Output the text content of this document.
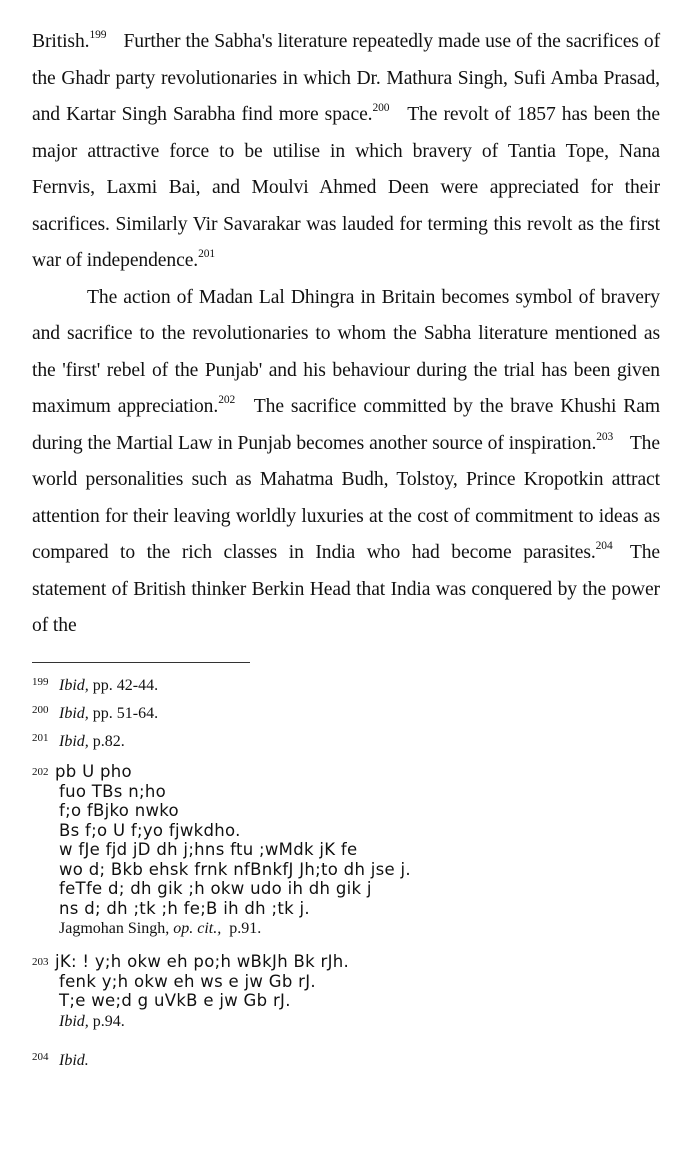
British.$^{199}$ Further the Sabha's literature repeatedly made use of the sacrifices of the Ghadr party revolutionaries in which Dr. Mathura Singh, Sufi Amba Prasad, and Kartar Singh Sarabha find more space.$^{200}$ The revolt of 1857 has been the major attractive force to be utilise in which bravery of Tantia Tope, Nana Fernvis, Laxmi Bai, and Moulvi Ahmed Deen were appreciated for their sacrifices. Similarly Vir Savarakar was lauded for terming this revolt as the first war of independence.$^{201}$

The action of Madan Lal Dhingra in Britain becomes symbol of bravery and sacrifice to the revolutionaries to whom the Sabha literature mentioned as the 'first' rebel of the Punjab' and his behaviour during the trial has been given maximum appreciation.$^{202}$ The sacrifice committed by the brave Khushi Ram during the Martial Law in Punjab becomes another source of inspiration.$^{203}$ The world personalities such as Mahatma Budh, Tolstoy, Prince Kropotkin attract attention for their leaving worldly luxuries at the cost of commitment to ideas as compared to the rich classes in India who had become parasites.$^{204}$ The statement of British thinker Berkin Head that India was conquered by the power of the

199 Ibid, pp. 42-44.
200 Ibid, pp. 51-64.
201 Ibid, p.82.
202 pb U pho
fuo TBs n;ho
f;o fBjko nwko
Bs f;o U f;yo fjwkdho.
w fJe fjd jD dh j;hns ftu ;wMdk jK fe
wo d; Bkb ehsk frnk nfBnkfJ Jh;to dh jse j.
feTfe d; dh gik ;h okw udo ih dh gik j
ns d; dh ;tk ;h fe;B ih dh ;tk j.
Jagmohan Singh, op. cit.,  p.91.
203 jK: ! y;h okw eh po;h wBkJh Bk rJh.
fenk y;h okw eh ws e jw Gb rJ.
T;e we;d g uVkB e jw Gb rJ.
Ibid, p.94.
204 Ibid.
